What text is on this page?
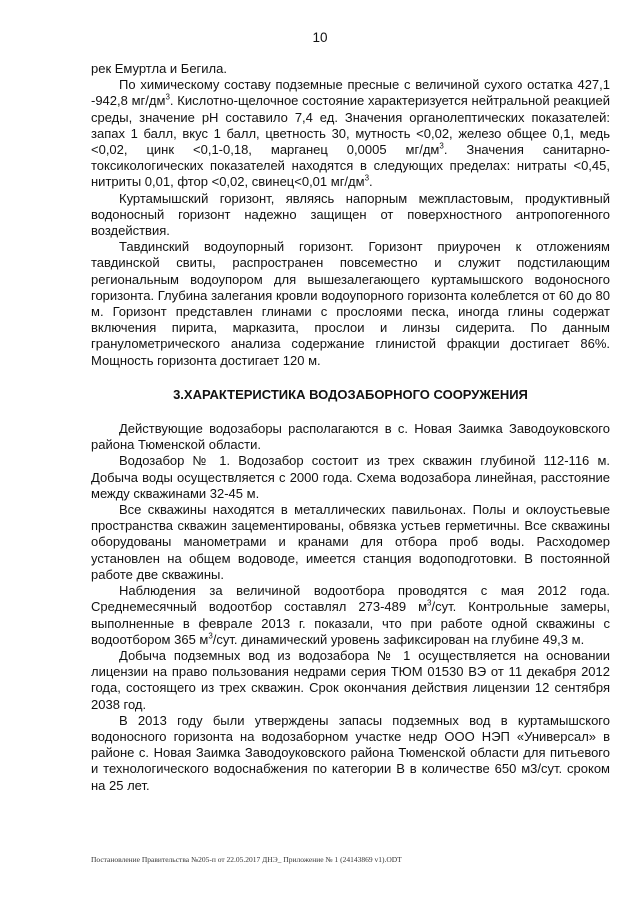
10

рек Емуртла и Бегила.

По химическому составу подземные пресные с величиной сухого остатка 427,1 -942,8 $мг/дм^3$. Кислотно-щелочное состояние характеризуется нейтральной реакцией среды, значение рН составило 7,4 ед. Значения органолептических показателей: запах 1 балл, вкус 1 балл, цветность 30, мутность <0,02, железо общее 0,1, медь <0,02, цинк <0,1-0,18, марганец 0,0005 $мг/дм^3$. Значения санитарно-токсикологических показателей находятся в следующих пределах: нитраты <0,45, нитриты 0,01, фтор <0,02, свинец<0,01 $мг/дм^3$.

Куртамышский горизонт, являясь напорным межпластовым, продуктивный водоносный горизонт надежно защищен от поверхностного антропогенного воздействия.

Тавдинский водоупорный горизонт. Горизонт приурочен к отложениям тавдинской свиты, распространен повсеместно и служит подстилающим региональным водоупором для вышезалегающего куртамышского водоносного горизонта. Глубина залегания кровли водоупорного горизонта колеблется от 60 до 80 м. Горизонт представлен глинами с прослоями песка, иногда глины содержат включения пирита, марказита, прослои и линзы сидерита. По данным гранулометрического анализа содержание глинистой фракции достигает 86%. Мощность горизонта достигает 120 м.

3.ХАРАКТЕРИСТИКА ВОДОЗАБОРНОГО СООРУЖЕНИЯ

Действующие водозаборы располагаются в с. Новая Заимка Заводоуковского района Тюменской области.

Водозабор № 1. Водозабор состоит из трех скважин глубиной 112-116 м. Добыча воды осуществляется с 2000 года. Схема водозабора линейная, расстояние между скважинами 32-45 м.

Все скважины находятся в металлических павильонах. Полы и оклоустьевые пространства скважин зацементированы, обвязка устьев герметичны. Все скважины оборудованы манометрами и кранами для отбора проб воды. Расходомер установлен на общем водоводе, имеется станция водоподготовки. В постоянной работе две скважины.

Наблюдения за величиной водоотбора проводятся с мая 2012 года. Среднемесячный водоотбор составлял 273-489 $м^3$/сут. Контрольные замеры, выполненные в феврале 2013 г. показали, что при работе одной скважины с водоотбором 365 $м^3$/сут. динамический уровень зафиксирован на глубине 49,3 м.

Добыча подземных вод из водозабора № 1 осуществляется на основании лицензии на право пользования недрами серия ТЮМ 01530 ВЭ от 11 декабря 2012 года, состоящего из трех скважин. Срок окончания действия лицензии 12 сентября 2038 год.

В 2013 году были утверждены запасы подземных вод в куртамышского водоносного горизонта на водозаборном участке недр ООО НЭП «Универсал» в районе с. Новая Заимка Заводоуковского района Тюменской области для питьевого и технологического водоснабжения по категории В в количестве 650 м3/сут. сроком на 25 лет.

Постановление Правительства №205-п от 22.05.2017 ДНЭ_ Приложение № 1 (24143869 v1).ODT
